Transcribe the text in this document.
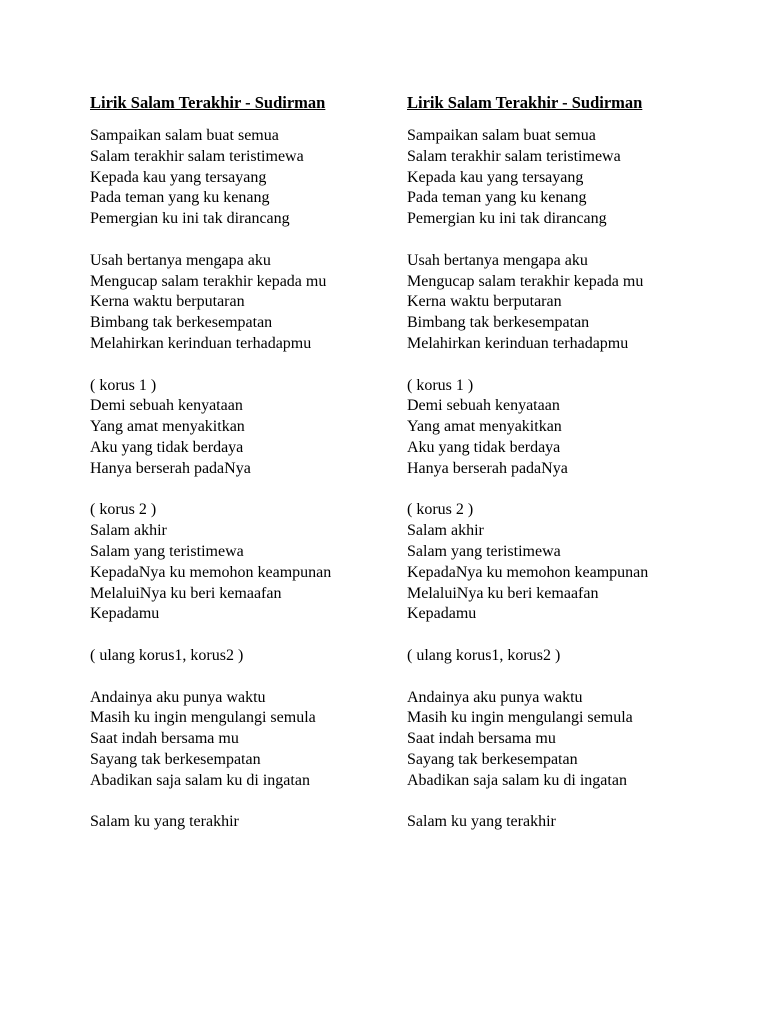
Lirik Salam Terakhir - Sudirman
Sampaikan salam buat semua
Salam terakhir salam teristimewa
Kepada kau yang tersayang
Pada teman yang ku kenang
Pemergian ku ini tak dirancang
Usah bertanya mengapa aku
Mengucap salam terakhir kepada mu
Kerna waktu berputaran
Bimbang tak berkesempatan
Melahirkan kerinduan terhadapmu
( korus 1 )
Demi sebuah kenyataan
Yang amat menyakitkan
Aku yang tidak berdaya
Hanya berserah padaNya
( korus 2 )
Salam akhir
Salam yang teristimewa
KepadaNya ku memohon keampunan
MelaluiNya ku beri kemaafan
Kepadamu
( ulang korus1, korus2 )
Andainya aku punya waktu
Masih ku ingin mengulangi semula
Saat indah bersama mu
Sayang tak berkesempatan
Abadikan saja salam ku di ingatan
Salam ku yang terakhir
Lirik Salam Terakhir - Sudirman
Sampaikan salam buat semua
Salam terakhir salam teristimewa
Kepada kau yang tersayang
Pada teman yang ku kenang
Pemergian ku ini tak dirancang
Usah bertanya mengapa aku
Mengucap salam terakhir kepada mu
Kerna waktu berputaran
Bimbang tak berkesempatan
Melahirkan kerinduan terhadapmu
( korus 1 )
Demi sebuah kenyataan
Yang amat menyakitkan
Aku yang tidak berdaya
Hanya berserah padaNya
( korus 2 )
Salam akhir
Salam yang teristimewa
KepadaNya ku memohon keampunan
MelaluiNya ku beri kemaafan
Kepadamu
( ulang korus1, korus2 )
Andainya aku punya waktu
Masih ku ingin mengulangi semula
Saat indah bersama mu
Sayang tak berkesempatan
Abadikan saja salam ku di ingatan
Salam ku yang terakhir
